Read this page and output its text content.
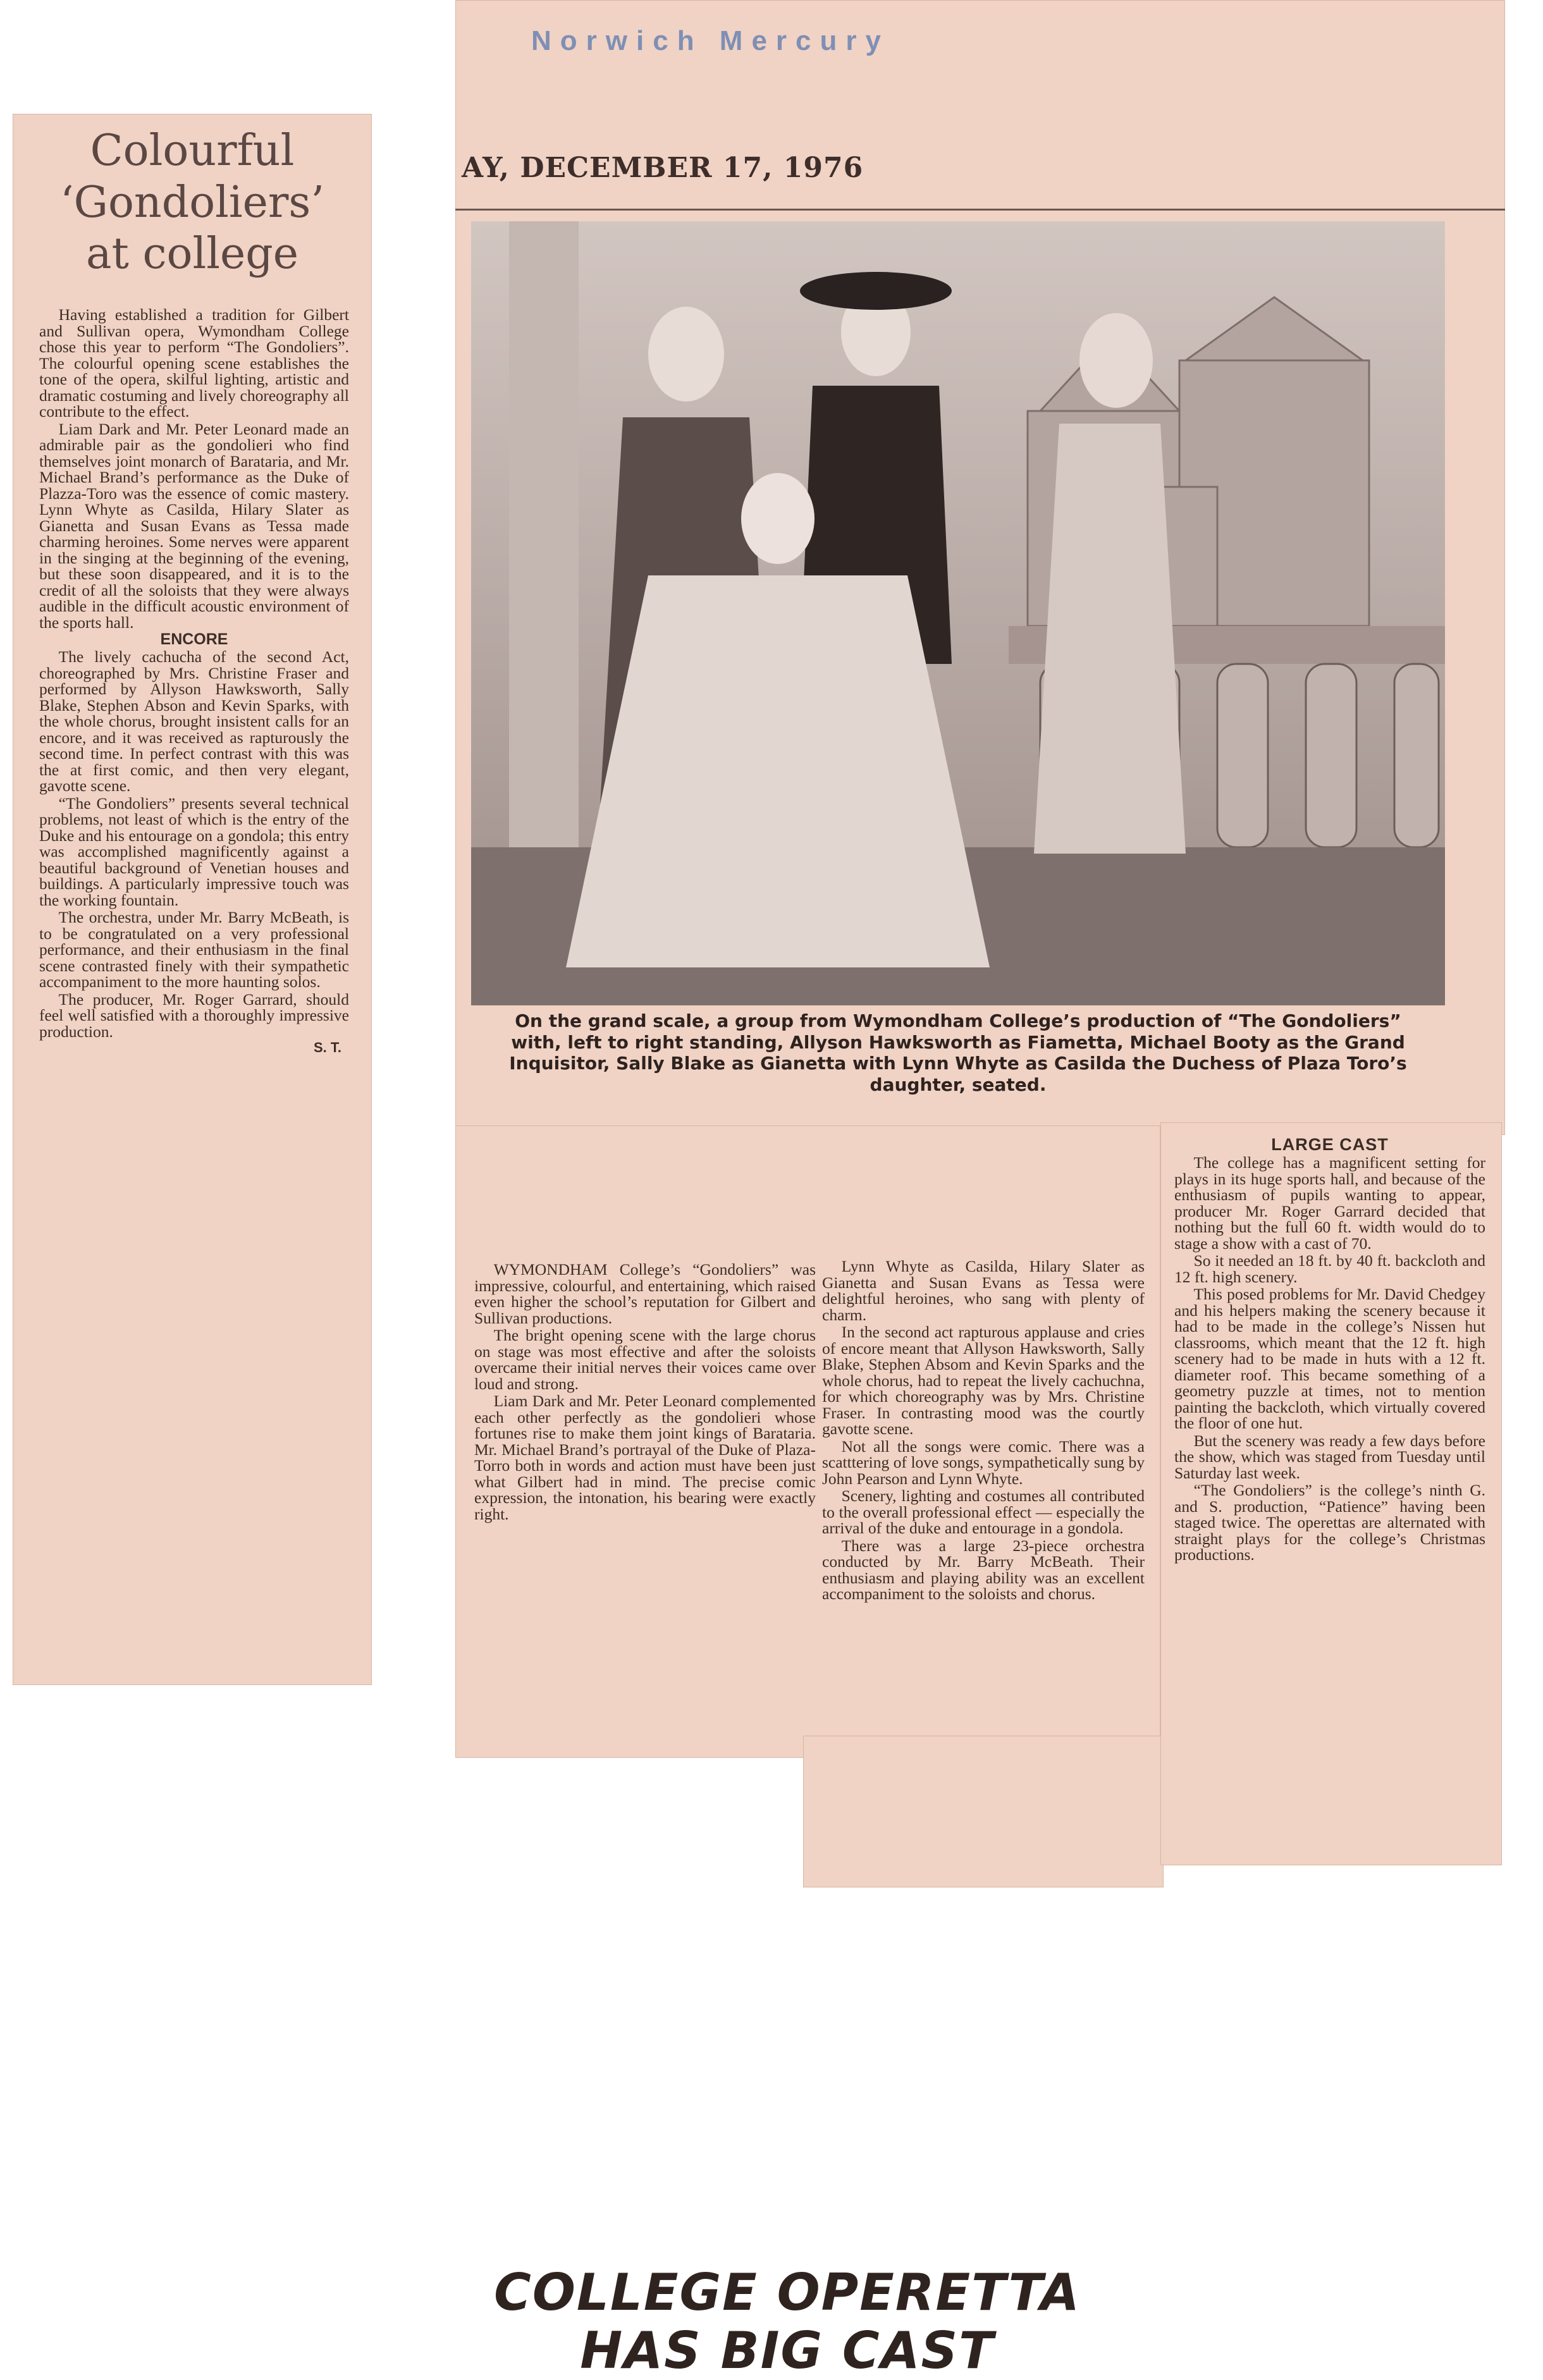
Colourful
‘Gondoliers’
at college

Having established a tradition for Gilbert and Sullivan opera, Wymondham College chose this year to perform “The Gondoliers”. The colourful opening scene establishes the tone of the opera, skilful lighting, artistic and dramatic costuming and lively choreography all contribute to the effect.

Liam Dark and Mr. Peter Leonard made an admirable pair as the gondolieri who find themselves joint monarch of Barataria, and Mr. Michael Brand’s performance as the Duke of Plazza-Toro was the essence of comic mastery. Lynn Whyte as Casilda, Hilary Slater as Gianetta and Susan Evans as Tessa made charming heroines. Some nerves were apparent in the singing at the beginning of the evening, but these soon disappeared, and it is to the credit of all the soloists that they were always audible in the difficult acoustic environment of the sports hall.

ENCORE

The lively cachucha of the second Act, choreographed by Mrs. Christine Fraser and performed by Allyson Hawksworth, Sally Blake, Stephen Abson and Kevin Sparks, with the whole chorus, brought insistent calls for an encore, and it was received as rapturously the second time. In perfect contrast with this was the at first comic, and then very elegant, gavotte scene.

“The Gondoliers” presents several technical problems, not least of which is the entry of the Duke and his entourage on a gondola; this entry was accomplished magnificently against a beautiful background of Venetian houses and buildings. A particularly impressive touch was the working fountain.

The orchestra, under Mr. Barry McBeath, is to be congratulated on a very professional performance, and their enthusiasm in the final scene contrasted finely with their sympathetic accompaniment to the more haunting solos.

The producer, Mr. Roger Garrard, should feel well satisfied with a thoroughly impressive production.

S. T.

Norwich Mercury
AY, DECEMBER 17, 1976
On the grand scale, a group from Wymondham College’s production of “The Gondoliers” with, left to right standing, Allyson Hawksworth as Fiametta, Michael Booty as the Grand Inquisitor, Sally Blake as Gianetta with Lynn Whyte as Casilda the Duchess of Plaza Toro’s daughter, seated.
COLLEGE OPERETTA
HAS BIG CAST

WYMONDHAM College’s “Gondoliers” was impressive, colourful, and entertaining, which raised even higher the school’s reputation for Gilbert and Sullivan productions.

The bright opening scene with the large chorus on stage was most effective and after the soloists overcame their initial nerves their voices came over loud and strong.

Liam Dark and Mr. Peter Leonard complemented each other perfectly as the gondolieri whose fortunes rise to make them joint kings of Barataria. Mr. Michael Brand’s portrayal of the Duke of Plaza-Torro both in words and action must have been just what Gilbert had in mind. The precise comic expression, the intonation, his bearing were exactly right.

Lynn Whyte as Casilda, Hilary Slater as Gianetta and Susan Evans as Tessa were delightful heroines, who sang with plenty of charm.

In the second act rapturous applause and cries of encore meant that Allyson Hawksworth, Sally Blake, Stephen Absom and Kevin Sparks and the whole chorus, had to repeat the lively cachuchna, for which choreography was by Mrs. Christine Fraser. In contrasting mood was the courtly gavotte scene.

Not all the songs were comic. There was a scatttering of love songs, sympathetically sung by John Pearson and Lynn Whyte.

Scenery, lighting and costumes all contributed to the overall professional effect — especially the arrival of the duke and entourage in a gondola.

There was a large 23-piece orchestra conducted by Mr. Barry McBeath. Their enthusiasm and playing ability was an excellent accompaniment to the soloists and chorus.

LARGE CAST

The college has a magnificent setting for plays in its huge sports hall, and because of the enthusiasm of pupils wanting to appear, producer Mr. Roger Garrard decided that nothing but the full 60 ft. width would do to stage a show with a cast of 70.

So it needed an 18 ft. by 40 ft. backcloth and 12 ft. high scenery.

This posed problems for Mr. David Chedgey and his helpers making the scenery because it had to be made in the college’s Nissen hut classrooms, which meant that the 12 ft. high scenery had to be made in huts with a 12 ft. diameter roof. This became something of a geometry puzzle at times, not to mention painting the backcloth, which virtually covered the floor of one hut.

But the scenery was ready a few days before the show, which was staged from Tuesday until Saturday last week.

“The Gondoliers” is the college’s ninth G. and S. production, “Patience” having been staged twice. The operettas are alternated with straight plays for the college’s Christmas productions.
